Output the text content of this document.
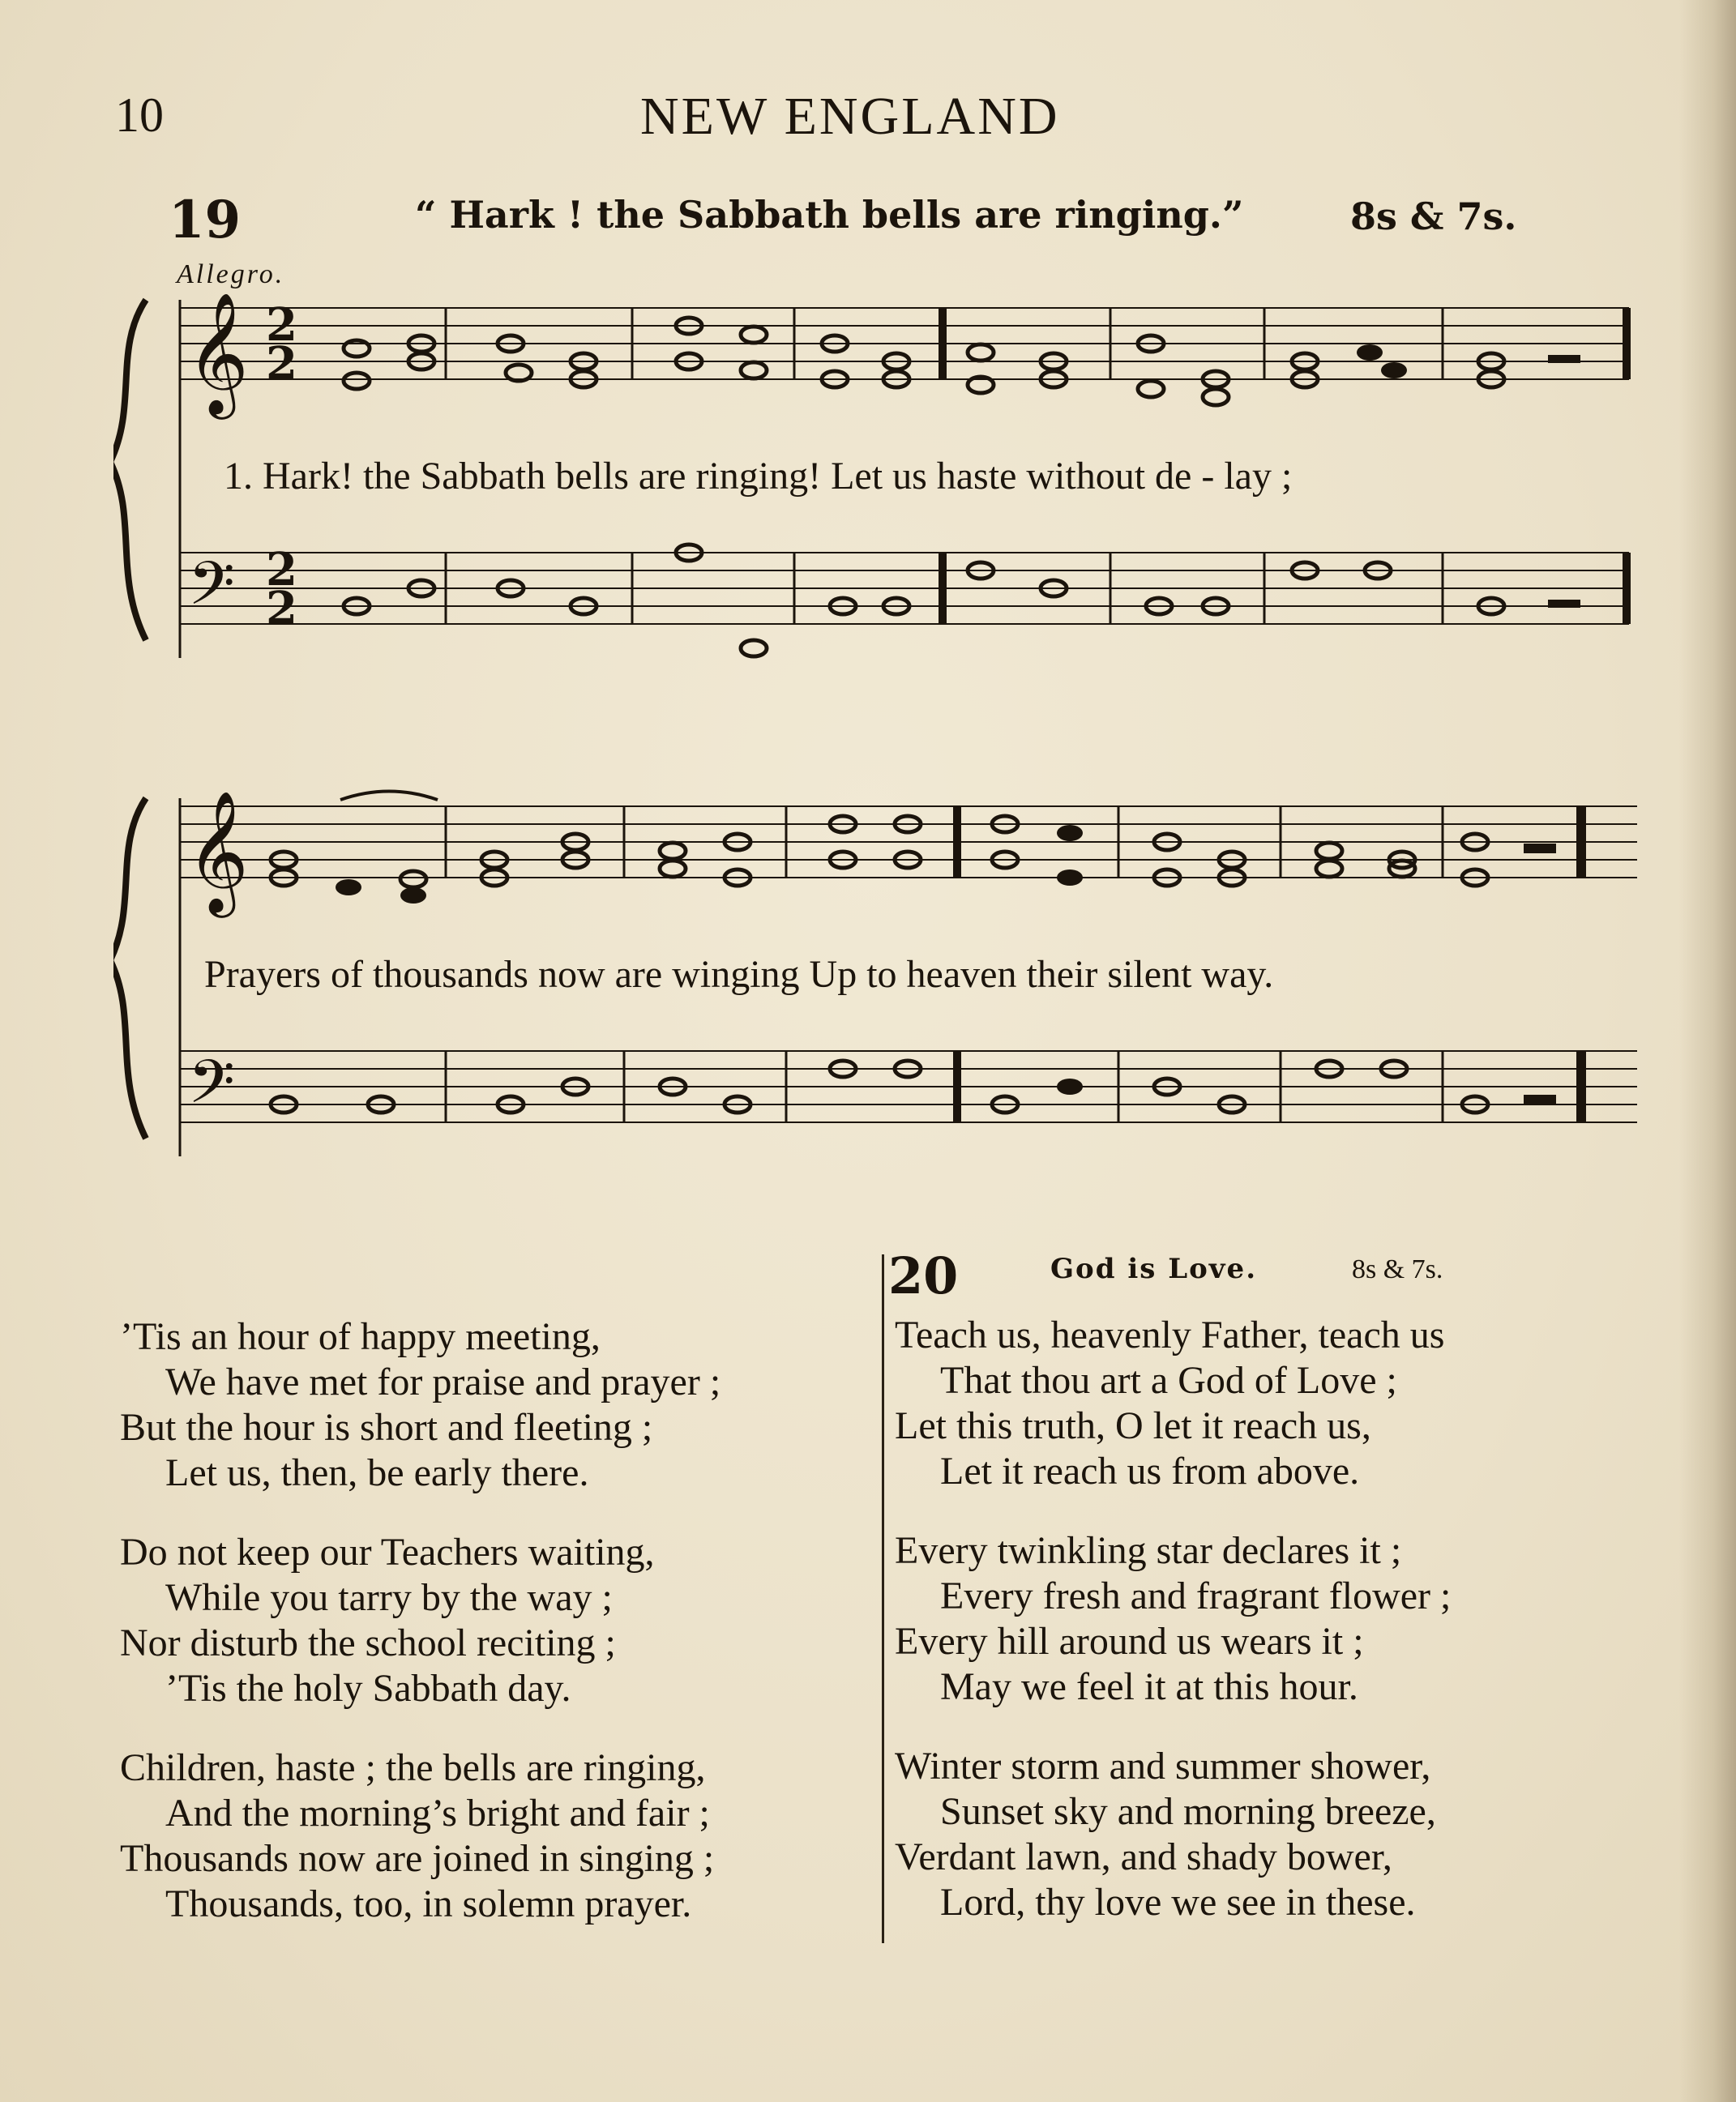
10	NEW ENGLAND
19	“ Hark ! the Sabbath bells are ringing.”	8s & 7s.
Allegro.
𝄞
𝄢
2
2
2
2
1. Hark! the Sabbath bells are ringing! Let us haste without de - lay ;
𝄞
𝄢
Prayers of thousands now are winging Up to heaven their silent way.
20	God is Love.	8s & 7s.
’Tis an hour of happy meeting,
We have met for praise and prayer ;
But the hour is short and fleeting ;
Let us, then, be early there.
Do not keep our Teachers waiting,
While you tarry by the way ;
Nor disturb the school reciting ;
’Tis the holy Sabbath day.
Children, haste ; the bells are ringing,
And the morning’s bright and fair ;
Thousands now are joined in singing ;
Thousands, too, in solemn prayer.
Teach us, heavenly Father, teach us
That thou art a God of Love ;
Let this truth, O let it reach us,
Let it reach us from above.
Every twinkling star declares it ;
Every fresh and fragrant flower ;
Every hill around us wears it ;
May we feel it at this hour.
Winter storm and summer shower,
Sunset sky and morning breeze,
Verdant lawn, and shady bower,
Lord, thy love we see in these.
